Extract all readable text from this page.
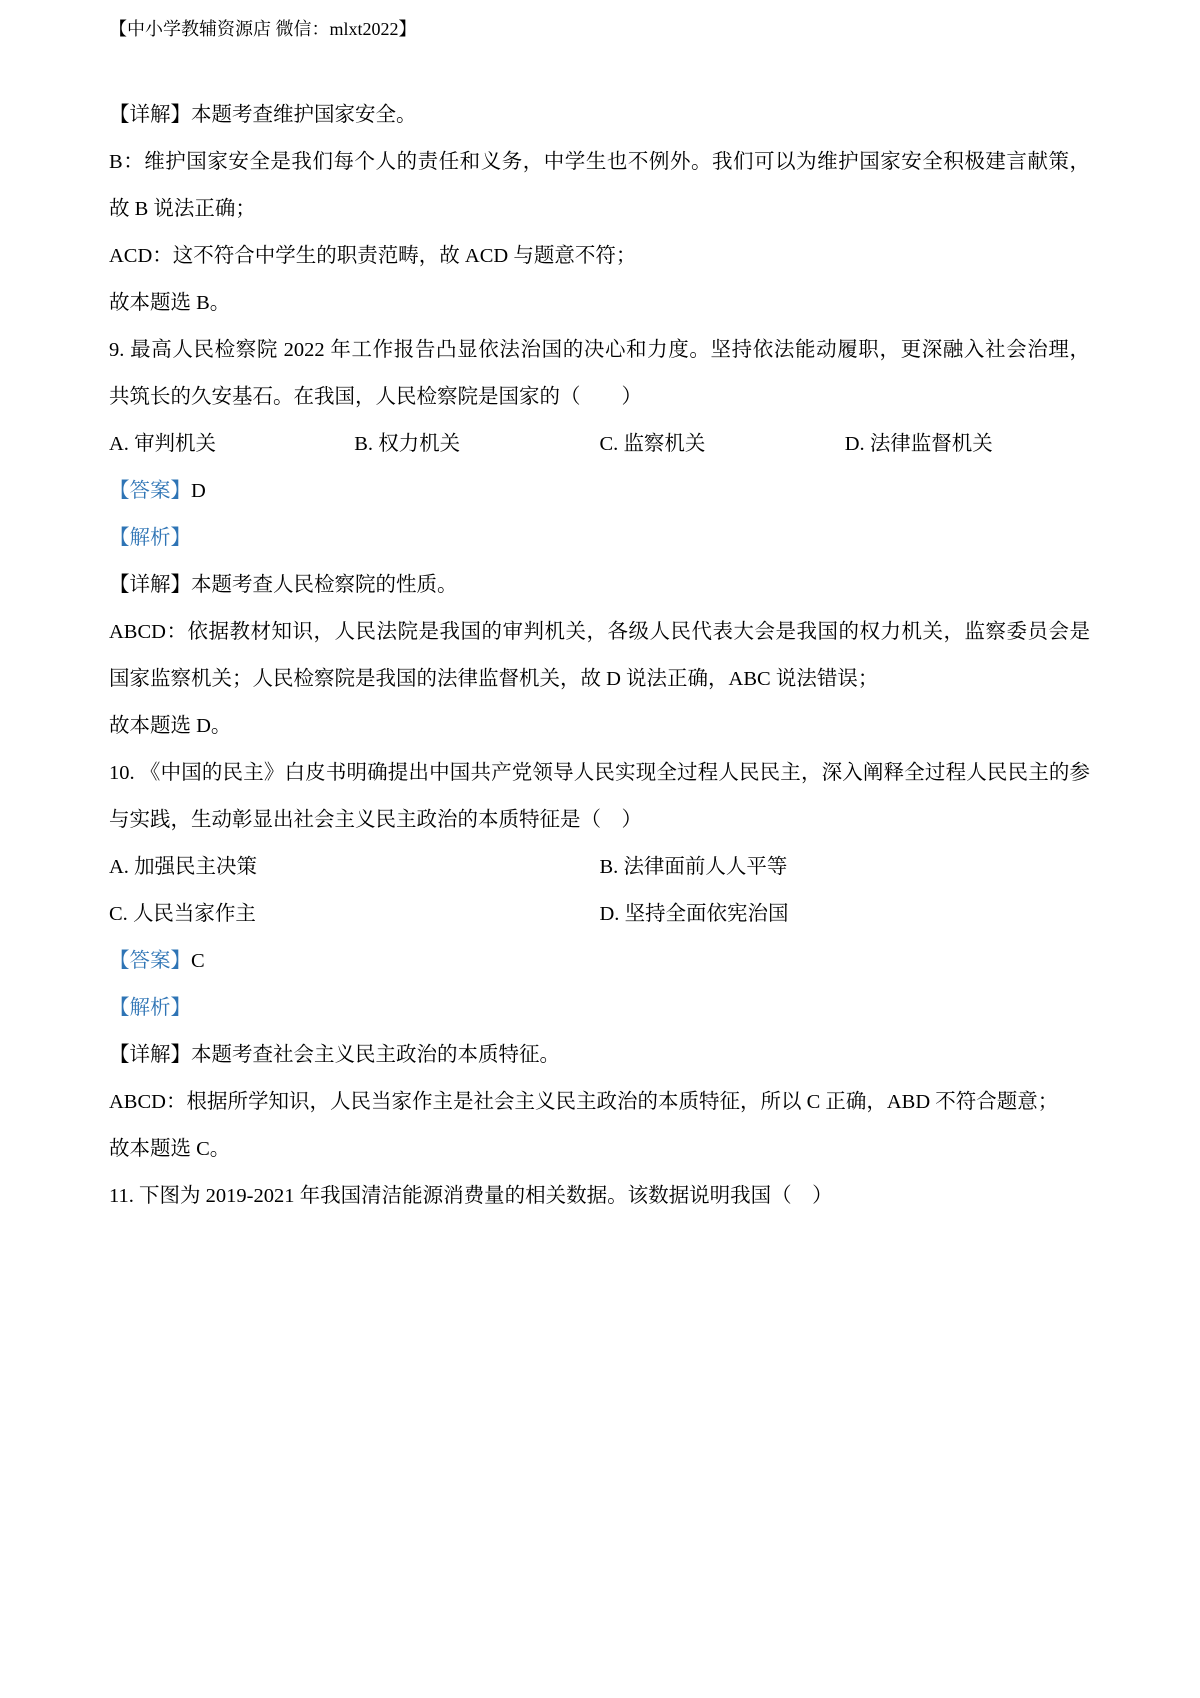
【中小学教辅资源店 微信：mlxt2022】
【详解】本题考查维护国家安全。
B：维护国家安全是我们每个人的责任和义务，中学生也不例外。我们可以为维护国家安全积极建言献策，
故 B 说法正确；
ACD：这不符合中学生的职责范畴，故 ACD 与题意不符；
故本题选 B。
9. 最高人民检察院 2022 年工作报告凸显依法治国的决心和力度。坚持依法能动履职，更深融入社会治理，
共筑长的久安基石。在我国，人民检察院是国家的（　　）
A. 审判机关	B. 权力机关	C. 监察机关	D. 法律监督机关
【答案】D
【解析】
【详解】本题考查人民检察院的性质。
ABCD：依据教材知识，人民法院是我国的审判机关，各级人民代表大会是我国的权力机关，监察委员会是
国家监察机关；人民检察院是我国的法律监督机关，故 D 说法正确，ABC 说法错误；
故本题选 D。
10. 《中国的民主》白皮书明确提出中国共产党领导人民实现全过程人民民主，深入阐释全过程人民民主的参
与实践，生动彰显出社会主义民主政治的本质特征是（　）
A. 加强民主决策	B. 法律面前人人平等
C. 人民当家作主	D. 坚持全面依宪治国
【答案】C
【解析】
【详解】本题考查社会主义民主政治的本质特征。
ABCD：根据所学知识，人民当家作主是社会主义民主政治的本质特征，所以 C 正确，ABD 不符合题意；
故本题选 C。
11. 下图为 2019-2021 年我国清洁能源消费量的相关数据。该数据说明我国（　）
